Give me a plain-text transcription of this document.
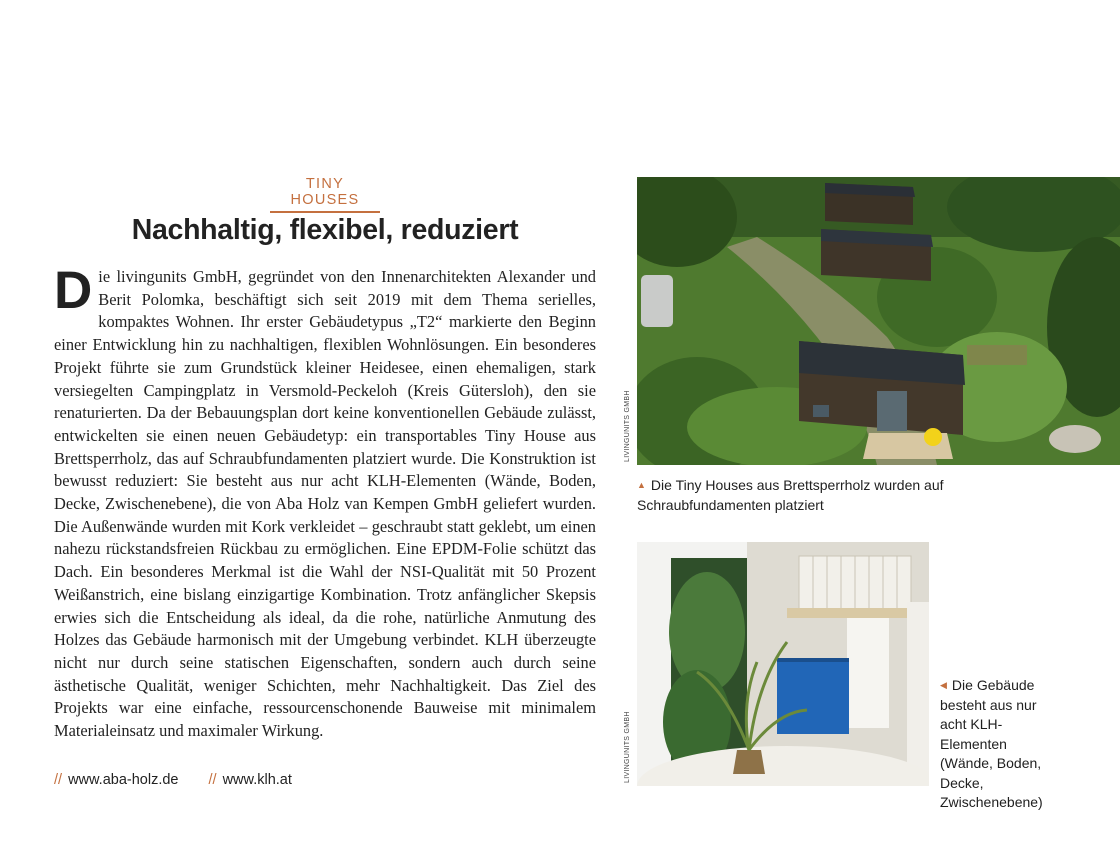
TINY HOUSES
Nachhaltig, flexibel, reduziert

Die livingunits GmbH, gegründet von den Innenarchitekten Alexander und Berit Polomka, beschäftigt sich seit 2019 mit dem Thema serielles, kompaktes Wohnen. Ihr erster Gebäudetypus „T2“ markierte den Beginn einer Entwicklung hin zu nachhaltigen, flexiblen Wohnlösungen. Ein besonderes Projekt führte sie zum Grundstück kleiner Heidesee, einen ehemaligen, stark versiegelten Campingplatz in Versmold-Peckeloh (Kreis Gütersloh), den sie renaturierten. Da der Bebauungsplan dort keine konventionellen Gebäude zulässt, entwickelten sie einen neuen Gebäudetyp: ein transportables Tiny House aus Brettsperrholz, das auf Schraubfundamenten platziert wurde. Die Konstruktion ist bewusst reduziert: Sie besteht aus nur acht KLH-Elementen (Wände, Boden, Decke, Zwischenebene), die von Aba Holz van Kempen GmbH geliefert wurden. Die Außenwände wurden mit Kork verkleidet – geschraubt statt geklebt, um einen nahezu rückstandsfreien Rückbau zu ermöglichen. Eine EPDM-Folie schützt das Dach. Ein besonderes Merkmal ist die Wahl der NSI-Qualität mit 50 Prozent Weißanstrich, eine bislang einzigartige Kombination. Trotz anfänglicher Skepsis erwies sich die Entscheidung als ideal, da die rohe, natürliche Anmutung des Holzes das Gebäude harmonisch mit der Umgebung verbindet. KLH überzeugte nicht nur durch seine statischen Eigenschaften, sondern auch durch seine ästhetische Qualität, weniger Schichten, mehr Nachhaltigkeit. Das Ziel des Projekts war eine einfache, ressourcenschonende Bauweise mit minimalem Materialeinsatz und maximaler Wirkung.

// www.aba-holz.de // www.klh.at
LIVINGUNITS GMBH
▲ Die Tiny Houses aus Brettsperrholz wurden auf Schraubfundamenten platziert
LIVINGUNITS GMBH
◀ Die Gebäude besteht aus nur acht KLH-Elementen (Wände, Boden, Decke, Zwischenebene)
